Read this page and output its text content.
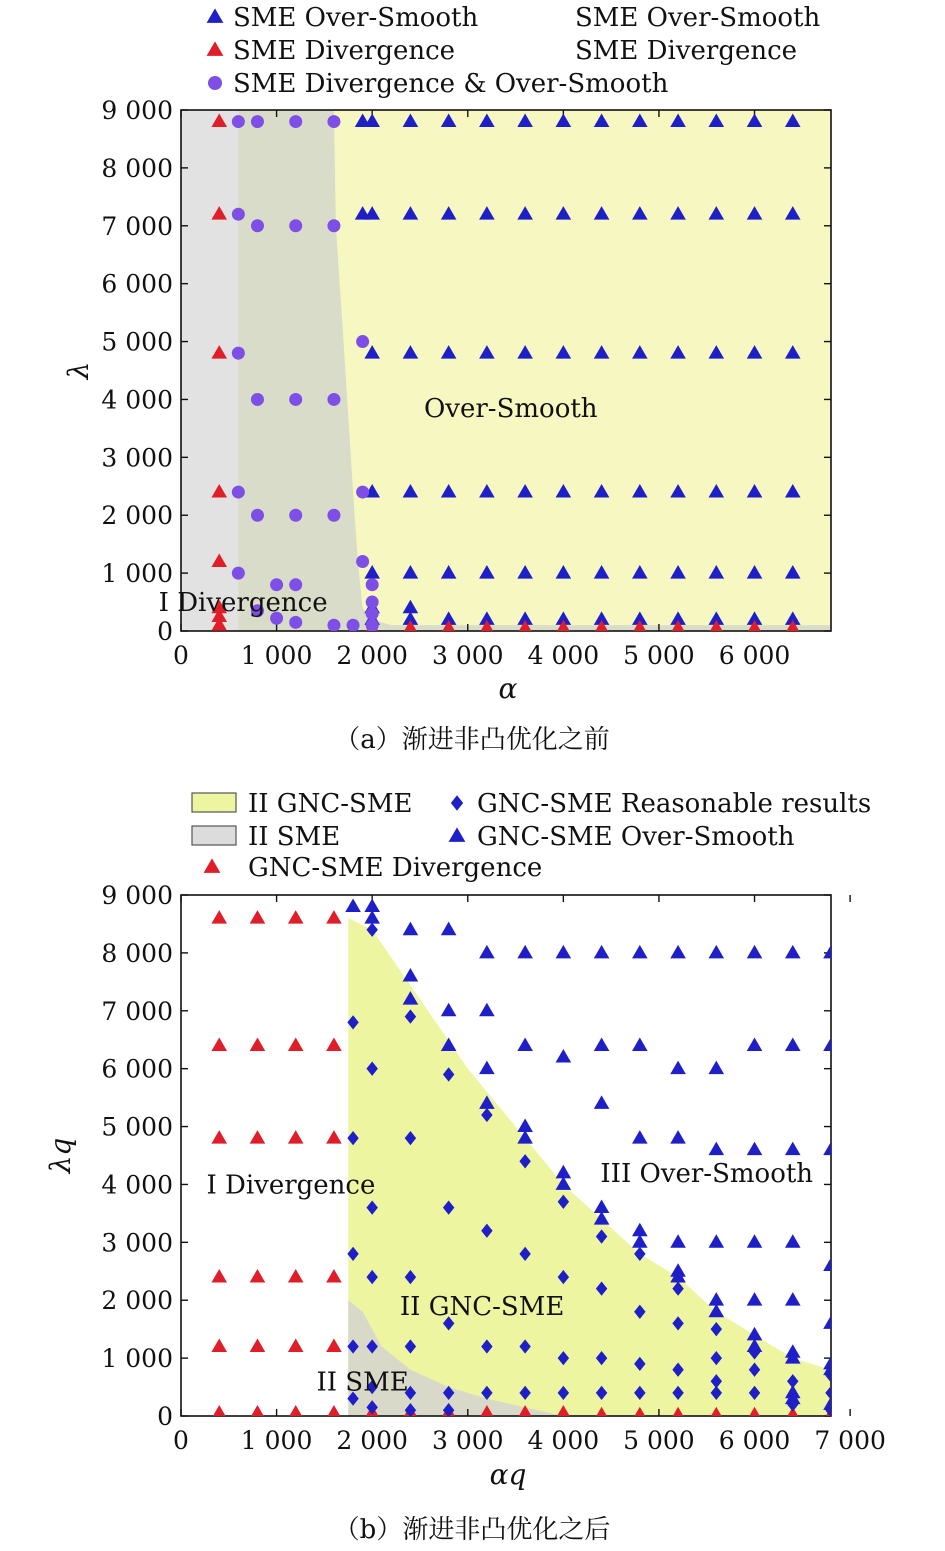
0 1 000 2 000 3 000 4 000 5 000 6 000
0
1 000
2 000
3 000
4 000
5 000
6 000
7 000
8 000
9 000
α
λ
I Divergence
Over-Smooth
SME Over-Smooth	SME Over-Smooth
SME Divergence	SME Divergence
SME Divergence & Over-Smooth
（a）渐进非凸优化之前
0 1 000 2 000 3 000 4 000 5 000 6 000 7 000
0
1 000
2 000
3 000
4 000
5 000
6 000
7 000
8 000
9 000
αq
λq
I Divergence
II GNC-SME
II SME
III Over-Smooth
II GNC-SME GNC-SME Reasonable results
II SME	GNC-SME Over-Smooth
GNC-SME Divergence
（b）渐进非凸优化之后
